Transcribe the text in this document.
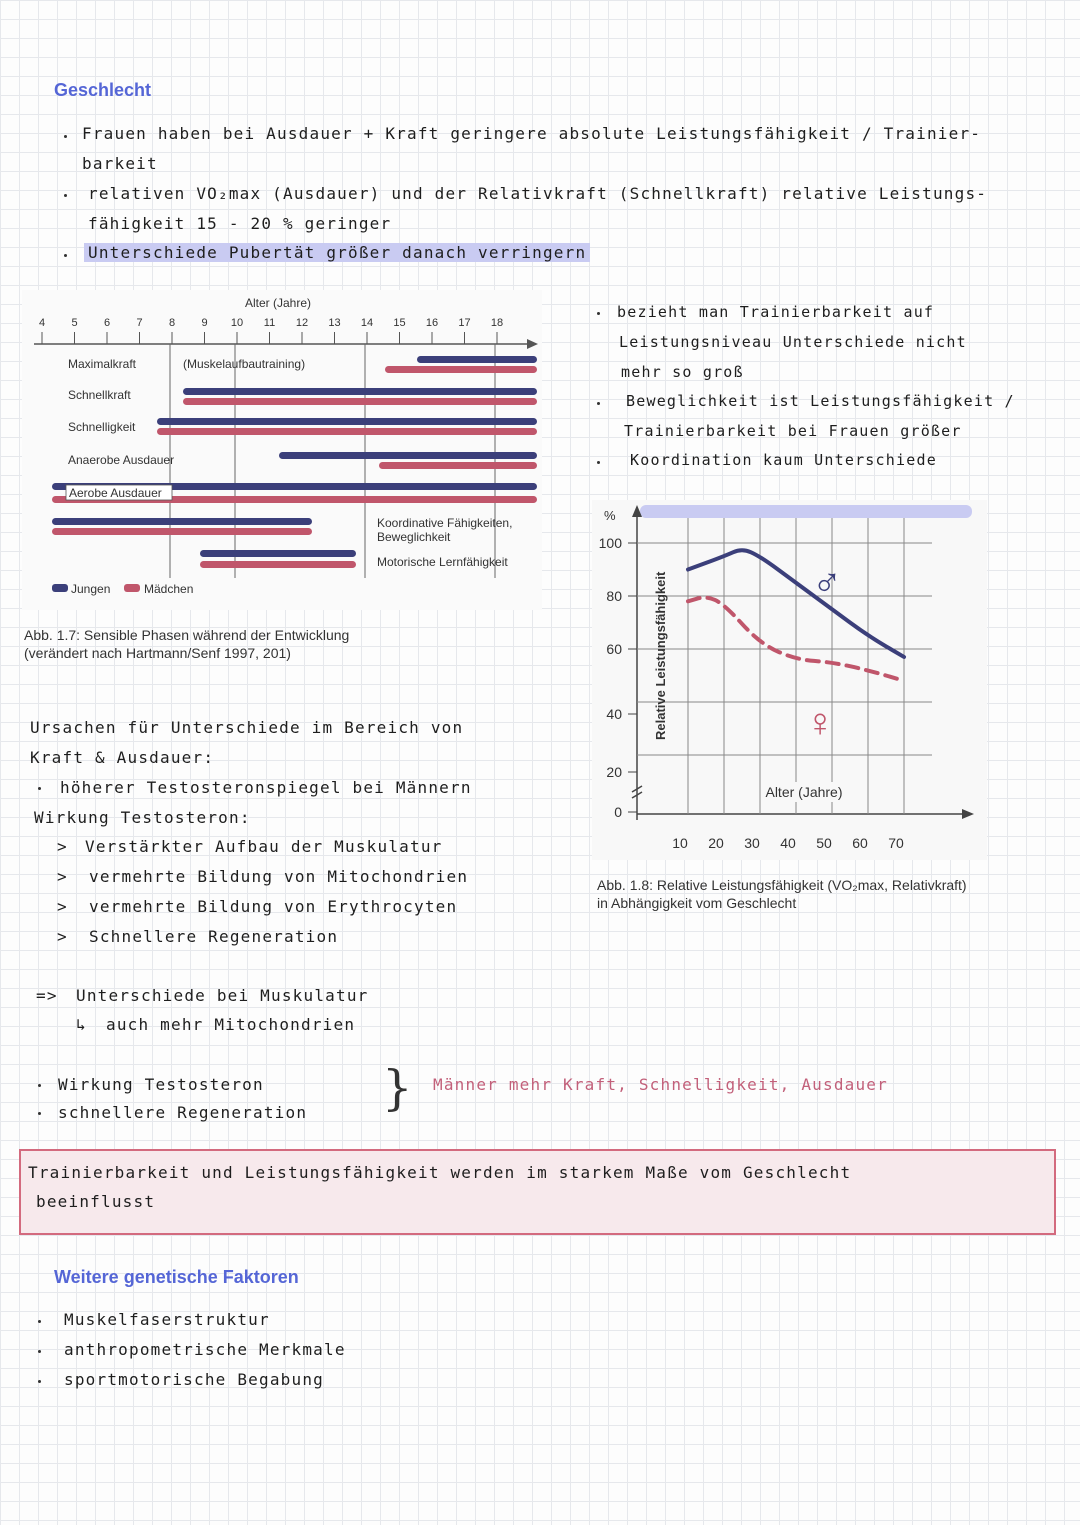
Geschlecht
Frauen haben bei Ausdauer + Kraft geringere absolute Leistungsfähigkeit / Trainier-
barkeit
relativen VO₂max (Ausdauer) und der Relativkraft (Schnellkraft) relative Leistungs-
fähigkeit 15 - 20 % geringer
Unterschiede Pubertät größer danach verringern
Alter (Jahre)
4 5 6 7 8 9 10 11 12 13 14 15 16 17 18
Maximalkraft	(Muskelaufbautraining)
Schnellkraft
Schnelligkeit
Anaerobe Ausdauer
Aerobe Ausdauer
Koordinative Fähigkeiten,
Beweglichkeit
Motorische Lernfähigkeit
Jungen	Mädchen
Abb. 1.7: Sensible Phasen während der Entwicklung
(verändert nach Hartmann/Senf 1997, 201)
bezieht man Trainierbarkeit auf
Leistungsniveau Unterschiede nicht
mehr so groß
Beweglichkeit ist Leistungsfähigkeit /
Trainierbarkeit bei Frauen größer
Koordination kaum Unterschiede
%
100
80
60
40
20
0
10 20 30 40 50 60 70
Relative Leistungsfähigkeit
Alter (Jahre)
♂
♀
Abb. 1.8: Relative Leistungsfähigkeit (VO₂max, Relativkraft)
in Abhängigkeit vom Geschlecht
Ursachen für Unterschiede im Bereich von
Kraft & Ausdauer:
höherer Testosteronspiegel bei Männern
Wirkung Testosteron:
> Verstärkter Aufbau der Muskulatur
> vermehrte Bildung von Mitochondrien
> vermehrte Bildung von Erythrocyten
> Schnellere Regeneration
=> Unterschiede bei Muskulatur
↳ auch mehr Mitochondrien
Wirkung Testosteron
schnellere Regeneration } Männer mehr Kraft, Schnelligkeit, Ausdauer
Trainierbarkeit und Leistungsfähigkeit werden im starkem Maße vom Geschlecht
beeinflusst
Weitere genetische Faktoren
Muskelfaserstruktur
anthropometrische Merkmale
sportmotorische Begabung
